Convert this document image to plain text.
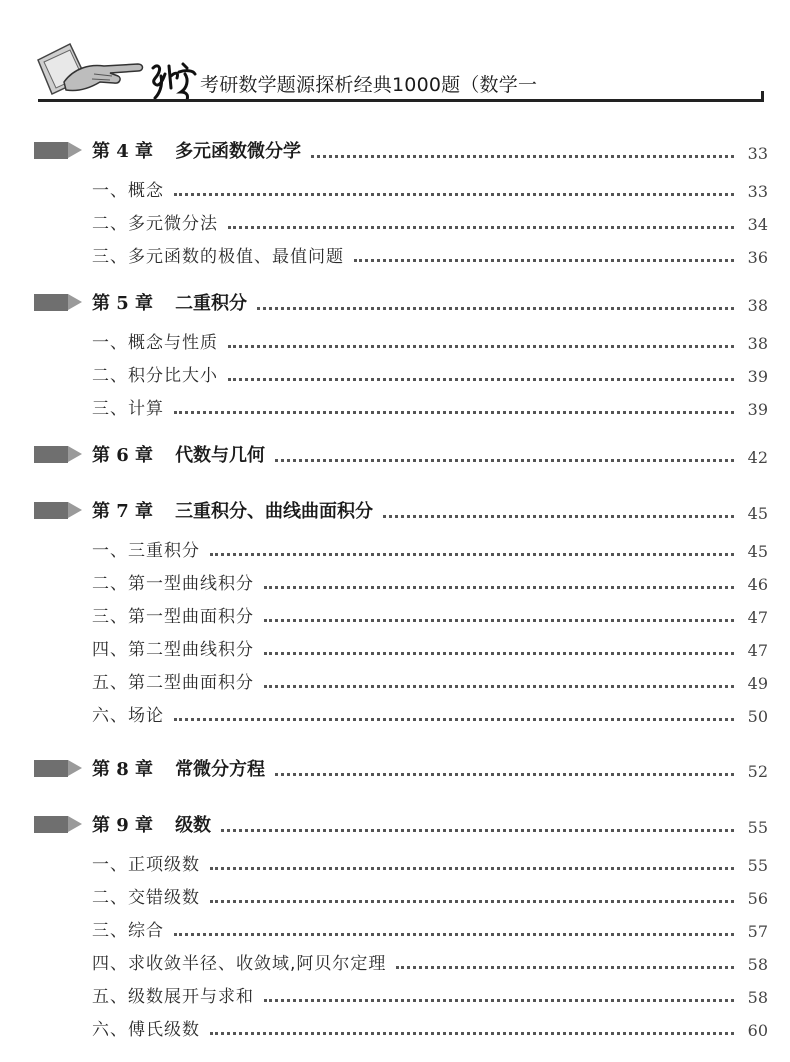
考研数学题源探析经典1000题（数学一
第 4 章 多元函数微分学	33
一、概念	33
二、多元微分法	34
三、多元函数的极值、最值问题	36
第 5 章 二重积分	38
一、概念与性质	38
二、积分比大小	39
三、计算	39
第 6 章 代数与几何	42
第 7 章 三重积分、曲线曲面积分	45
一、三重积分	45
二、第一型曲线积分	46
三、第一型曲面积分	47
四、第二型曲线积分	47
五、第二型曲面积分	49
六、场论	50
第 8 章 常微分方程	52
第 9 章 级数	55
一、正项级数	55
二、交错级数	56
三、综合	57
四、求收敛半径、收敛域,阿贝尔定理	58
五、级数展开与求和	58
六、傅氏级数	60
